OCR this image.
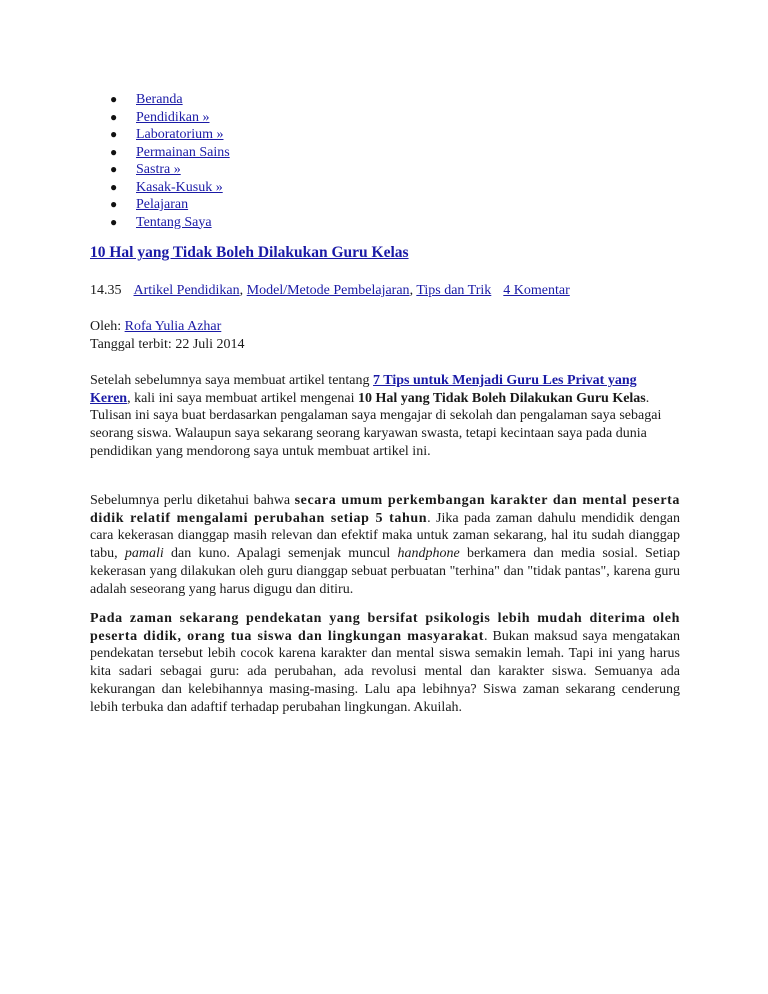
● Beranda
● Pendidikan »
● Laboratorium »
● Permainan Sains
● Sastra »
● Kasak-Kusuk »
● Pelajaran
● Tentang Saya
10 Hal yang Tidak Boleh Dilakukan Guru Kelas
14.35 Artikel Pendidikan, Model/Metode Pembelajaran, Tips dan Trik 4 Komentar
Oleh: Rofa Yulia Azhar
Tanggal terbit: 22 Juli 2014

Setelah sebelumnya saya membuat artikel tentang 7 Tips untuk Menjadi Guru Les Privat yang Keren, kali ini saya membuat artikel mengenai 10 Hal yang Tidak Boleh Dilakukan Guru Kelas. Tulisan ini saya buat berdasarkan pengalaman saya mengajar di sekolah dan pengalaman saya sebagai seorang siswa. Walaupun saya sekarang seorang karyawan swasta, tetapi kecintaan saya pada dunia pendidikan yang mendorong saya untuk membuat artikel ini.

Sebelumnya perlu diketahui bahwa secara umum perkembangan karakter dan mental peserta didik relatif mengalami perubahan setiap 5 tahun. Jika pada zaman dahulu mendidik dengan cara kekerasan dianggap masih relevan dan efektif maka untuk zaman sekarang, hal itu sudah dianggap tabu, pamali dan kuno. Apalagi semenjak muncul handphone berkamera dan media sosial. Setiap kekerasan yang dilakukan oleh guru dianggap sebuat perbuatan "terhina" dan "tidak pantas", karena guru adalah seseorang yang harus digugu dan ditiru.

Pada zaman sekarang pendekatan yang bersifat psikologis lebih mudah diterima oleh peserta didik, orang tua siswa dan lingkungan masyarakat. Bukan maksud saya mengatakan pendekatan tersebut lebih cocok karena karakter dan mental siswa semakin lemah. Tapi ini yang harus kita sadari sebagai guru: ada perubahan, ada revolusi mental dan karakter siswa. Semuanya ada kekurangan dan kelebihannya masing-masing. Lalu apa lebihnya? Siswa zaman sekarang cenderung lebih terbuka dan adaftif terhadap perubahan lingkungan. Akuilah.
